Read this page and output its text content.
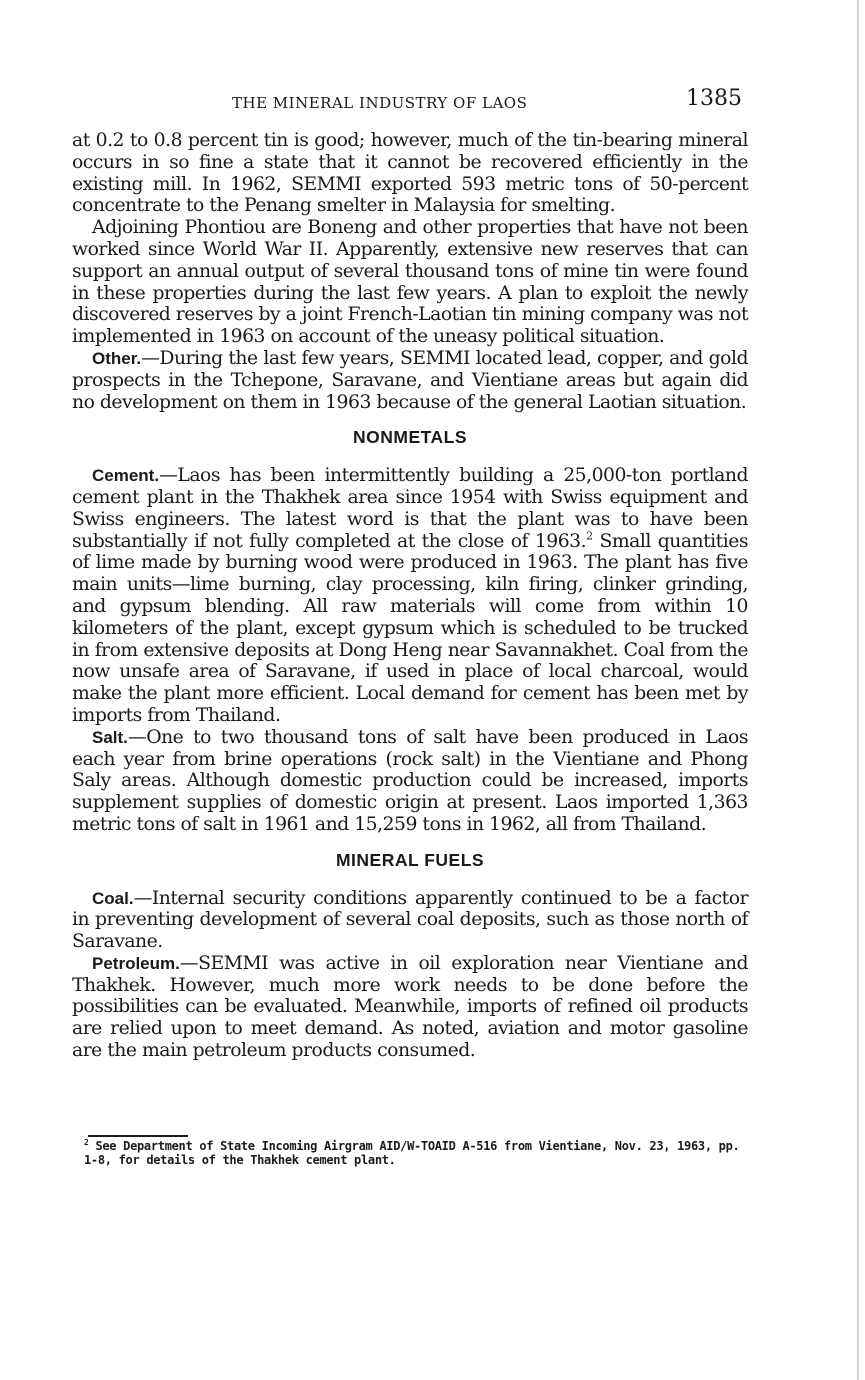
THE MINERAL INDUSTRY OF LAOS	1385

at 0.2 to 0.8 percent tin is good; however, much of the tin-bearing mineral occurs in so fine a state that it cannot be recovered efficiently in the existing mill. In 1962, SEMMI exported 593 metric tons of 50-percent concentrate to the Penang smelter in Malaysia for smelting.

Adjoining Phontiou are Boneng and other properties that have not been worked since World War II. Apparently, extensive new reserves that can support an annual output of several thousand tons of mine tin were found in these properties during the last few years. A plan to exploit the newly discovered reserves by a joint French-Laotian tin mining company was not implemented in 1963 on account of the uneasy political situation.

Other.—During the last few years, SEMMI located lead, copper, and gold prospects in the Tchepone, Saravane, and Vientiane areas but again did no development on them in 1963 because of the general Laotian situation.

NONMETALS

Cement.—Laos has been intermittently building a 25,000-ton portland cement plant in the Thakhek area since 1954 with Swiss equipment and Swiss engineers. The latest word is that the plant was to have been substantially if not fully completed at the close of 1963.$^2$ Small quantities of lime made by burning wood were produced in 1963. The plant has five main units—lime burning, clay processing, kiln firing, clinker grinding, and gypsum blending. All raw materials will come from within 10 kilometers of the plant, except gypsum which is scheduled to be trucked in from extensive deposits at Dong Heng near Savannakhet. Coal from the now unsafe area of Saravane, if used in place of local charcoal, would make the plant more efficient. Local demand for cement has been met by imports from Thailand.

Salt.—One to two thousand tons of salt have been produced in Laos each year from brine operations (rock salt) in the Vientiane and Phong Saly areas. Although domestic production could be increased, imports supplement supplies of domestic origin at present. Laos imported 1,363 metric tons of salt in 1961 and 15,259 tons in 1962, all from Thailand.

MINERAL FUELS

Coal.—Internal security conditions apparently continued to be a factor in preventing development of several coal deposits, such as those north of Saravane.

Petroleum.—SEMMI was active in oil exploration near Vientiane and Thakhek. However, much more work needs to be done before the possibilities can be evaluated. Meanwhile, imports of refined oil products are relied upon to meet demand. As noted, aviation and motor gasoline are the main petroleum products consumed.

$^2$ See Department of State Incoming Airgram AID/W-TOAID A-516 from Vientiane, Nov. 23, 1963, pp. 1-8, for details of the Thakhek cement plant.
